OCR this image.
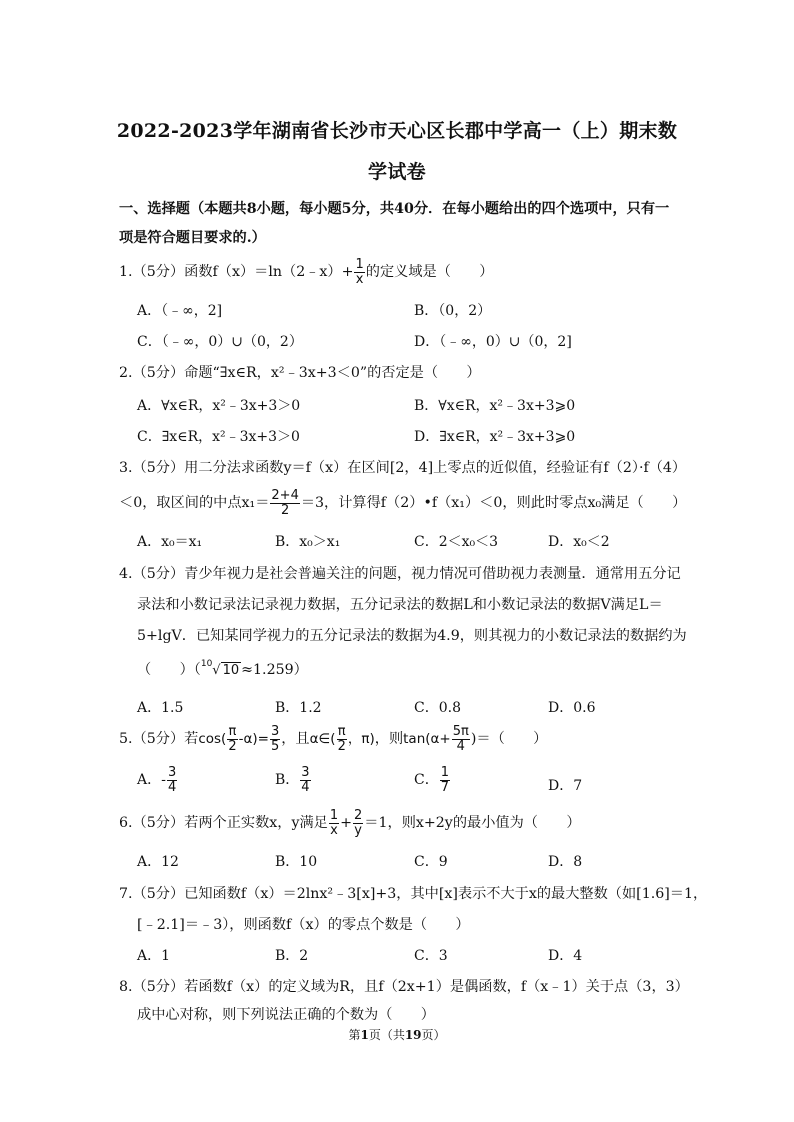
2022-2023学年湖南省长沙市天心区长郡中学高一（上）期末数
学试卷
一、选择题（本题共8小题，每小题5分，共40分．在每小题给出的四个选项中，只有一
项是符合题目要求的.）
1.（5分）函数f（x）＝ln（2﹣x）+ $\frac{1}{x}$ 的定义域是（　　）
A．（﹣∞，2]	B．（0，2）
C．（﹣∞，0）∪（0，2）	D．（﹣∞，0）∪（0，2]
2.（5分）命题“∃x∈R，x²﹣3x+3＜0”的否定是（　　）
A．∀x∈R，x²﹣3x+3＞0	B．∀x∈R，x²﹣3x+3⩾0
C．∃x∈R，x²﹣3x+3＞0	D．∃x∈R，x²﹣3x+3⩾0
3.（5分）用二分法求函数y＝f（x）在区间[2，4]上零点的近似值，经验证有f（2）·f（4）
＜0，取区间的中点$x_1= \frac{2+4}{2} =3$，计算得f（2）•f（x₁）＜0，则此时零点x₀满足（　　）
A．x₀＝x₁	B．x₀＞x₁	C．2＜x₀＜3	D．x₀＜2
4.（5分）青少年视力是社会普遍关注的问题，视力情况可借助视力表测量．通常用五分记
录法和小数记录法记录视力数据，五分记录法的数据L和小数记录法的数据V满足L＝
5+lgV．已知某同学视力的五分记录法的数据为4.9，则其视力的小数记录法的数据约为
（　　）（$^{10}$√ 10 ≈1.259）
A．1.5	B．1.2	C．0.8	D．0.6
5.（5分）若$\cos( \frac{\pi}{2} -\alpha)= \frac{3}{5}$ ，且α∈( $\frac{\pi}{2}$ ，π)，则$\tan(\alpha+ \frac{5\pi}{4}$ )＝（　　）
A．- $\frac{3}{4}$	B． $\frac{3}{4}$	C． $\frac{1}{7}$	D．7
6.（5分）若两个正实数x，y满足 $\frac{1}{x} + \frac{2}{y} =1$，则x+2y的最小值为（　　）
A．12	B．10	C．9	D．8
7.（5分）已知函数f（x）＝2lnx²﹣3[x]+3，其中[x]表示不大于x的最大整数（如[1.6]＝1，
[﹣2.1]＝﹣3），则函数f（x）的零点个数是（　　）
A．1	B．2	C．3	D．4
8.（5分）若函数f（x）的定义域为R，且f（2x+1）是偶函数，f（x﹣1）关于点（3，3）
成中心对称，则下列说法正确的个数为（　　）
第1页（共19页）
